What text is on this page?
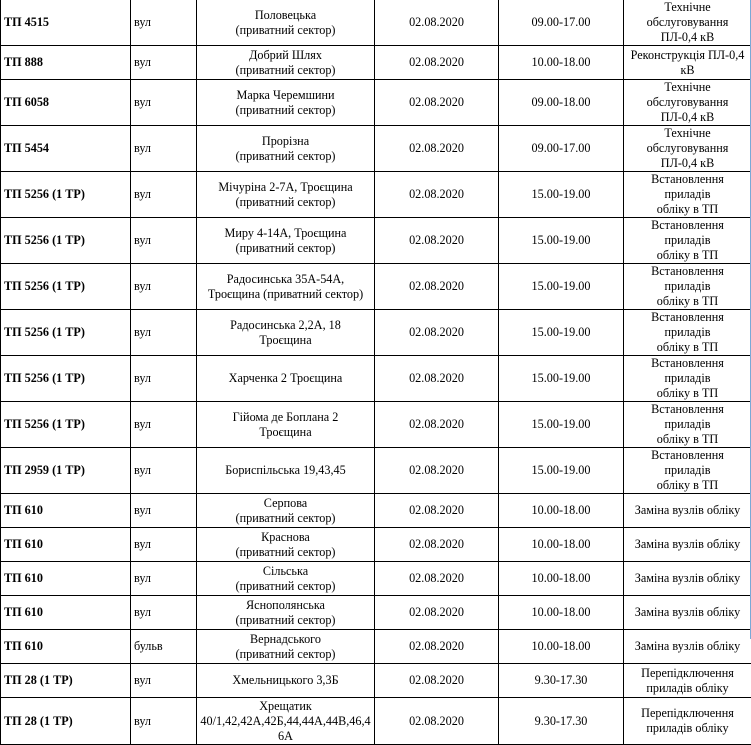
ТП 4515	вул	Половецька
(приватний сектор)	02.08.2020	09.00-17.00	Технічне обслуговування
ПЛ-0,4 кВ

ТП 888	вул	Добрий Шлях
(приватний сектор)	02.08.2020	10.00-18.00	Реконструкція ПЛ-0,4 кВ

ТП 6058	вул	Марка Черемшини
(приватний сектор)	02.08.2020	09.00-18.00	Технічне обслуговування
ПЛ-0,4 кВ

ТП 5454	вул	Прорізна
(приватний сектор)	02.08.2020	09.00-17.00	Технічне обслуговування
ПЛ-0,4 кВ

ТП 5256 (1 ТР)	вул	Мічуріна 2-7А, Троєщина
(приватний сектор)	02.08.2020	15.00-19.00	Встановлення приладів
обліку в ТП

ТП 5256 (1 ТР)	вул	Миру 4-14А, Троєщина
(приватний сектор)	02.08.2020	15.00-19.00	Встановлення приладів
обліку в ТП

ТП 5256 (1 ТР)	вул	Радосинська 35А-54А,
Троєщина (приватний сектор)	02.08.2020	15.00-19.00	Встановлення приладів
обліку в ТП

ТП 5256 (1 ТР)	вул	Радосинська 2,2А, 18
Троєщина	02.08.2020	15.00-19.00	Встановлення приладів
обліку в ТП

ТП 5256 (1 ТР)	вул	Харченка 2 Троєщина	02.08.2020	15.00-19.00	Встановлення приладів
обліку в ТП

ТП 5256 (1 ТР)	вул	Гійома де Боплана 2
Троєщина	02.08.2020	15.00-19.00	Встановлення приладів
обліку в ТП

ТП 2959 (1 ТР)	вул	Бориспільська 19,43,45	02.08.2020	15.00-19.00	Встановлення приладів
обліку в ТП

ТП 610	вул	Серпова
(приватний сектор)	02.08.2020	10.00-18.00	Заміна вузлів обліку

ТП 610	вул	Краснова
(приватний сектор)	02.08.2020	10.00-18.00	Заміна вузлів обліку

ТП 610	вул	Сільська
(приватний сектор)	02.08.2020	10.00-18.00	Заміна вузлів обліку

ТП 610	вул	Яснополянська
(приватний сектор)	02.08.2020	10.00-18.00	Заміна вузлів обліку

ТП 610	бульв	Вернадського
(приватний сектор)	02.08.2020	10.00-18.00	Заміна вузлів обліку

ТП 28 (1 ТР)	вул	Хмельницького 3,3Б	02.08.2020	9.30-17.30	Перепідключення
приладів обліку

ТП 28 (1 ТР)	вул	Хрещатик
40/1,42,42А,42Б,44,44А,44В,46,4
6А	02.08.2020	9.30-17.30	Перепідключення
приладів обліку
